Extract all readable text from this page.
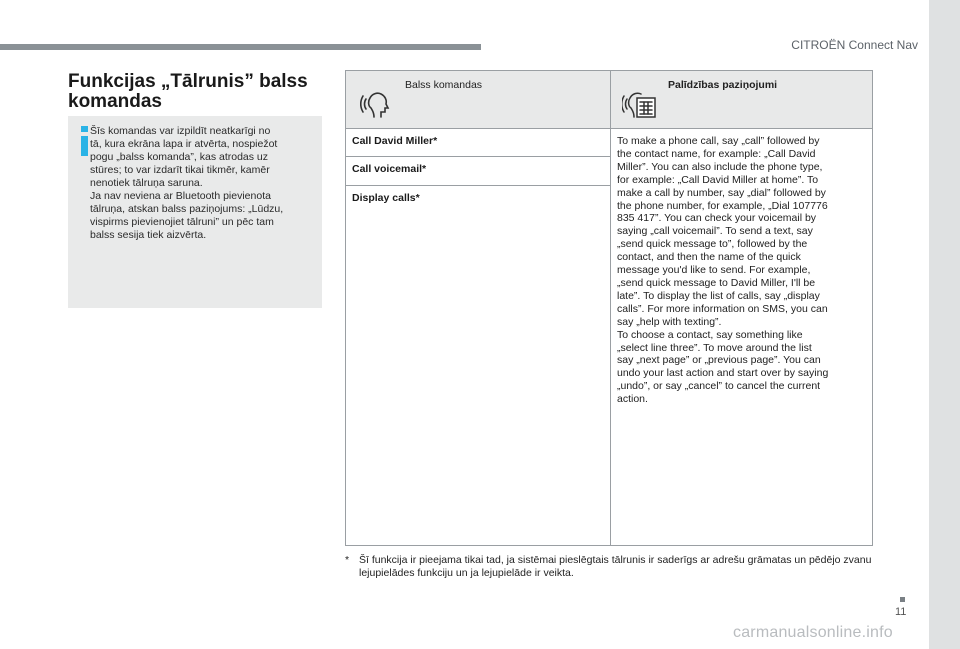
CITROËN Connect Nav
Funkcijas „Tālrunis” balss
komandas
Šīs komandas var izpildīt neatkarīgi no
tā, kura ekrāna lapa ir atvērta, nospiežot
pogu „balss komanda”, kas atrodas uz
stūres; to var izdarīt tikai tikmēr, kamēr
nenotiek tālruņa saruna.
Ja nav neviena ar Bluetooth pievienota
tālruņa, atskan balss paziņojums: „Lūdzu,
vispirms pievienojiet tālruni” un pēc tam
balss sesija tiek aizvērta.
Balss komandas	Palīdzības paziņojumi
Call David Miller*
Call voicemail*
Display calls*
To make a phone call, say „call” followed by
the contact name, for example: „Call David
Miller”. You can also include the phone type,
for example: „Call David Miller at home”. To
make a call by number, say „dial” followed by
the phone number, for example, „Dial 107776
835 417”. You can check your voicemail by
saying „call voicemail”. To send a text, say
„send quick message to”, followed by the
contact, and then the name of the quick
message you'd like to send. For example,
„send quick message to David Miller, I'll be
late”. To display the list of calls, say „display
calls”. For more information on SMS, you can
say „help with texting”.
To choose a contact, say something like
„select line three”. To move around the list
say „next page” or „previous page”. You can
undo your last action and start over by saying
„undo”, or say „cancel” to cancel the current
action.
* Šī funkcija ir pieejama tikai tad, ja sistēmai pieslēgtais tālrunis ir saderīgs ar adrešu grāmatas un pēdējo zvanu lejupielādes funkciju un ja lejupielāde ir veikta.
11
carmanualsonline.info
